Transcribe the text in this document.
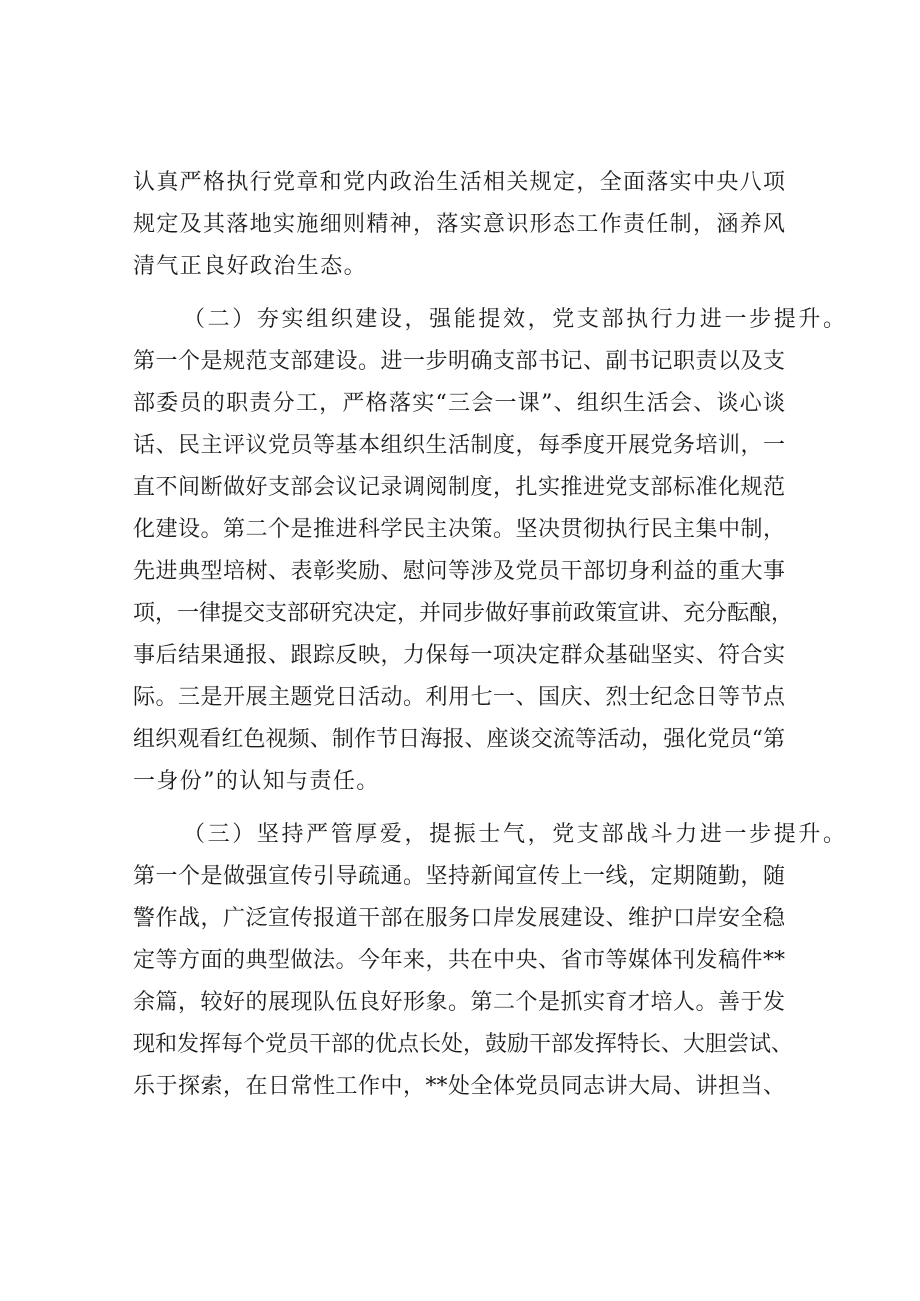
认真严格执行党章和党内政治生活相关规定，全面落实中央八项
规定及其落地实施细则精神，落实意识形态工作责任制，涵养风
清气正良好政治生态。
（二）夯实组织建设，强能提效，党支部执行力进一步提升。
第一个是规范支部建设。进一步明确支部书记、副书记职责以及支
部委员的职责分工，严格落实“三会一课”、组织生活会、谈心谈
话、民主评议党员等基本组织生活制度，每季度开展党务培训，一
直不间断做好支部会议记录调阅制度，扎实推进党支部标准化规范
化建设。第二个是推进科学民主决策。坚决贯彻执行民主集中制，
先进典型培树、表彰奖励、慰问等涉及党员干部切身利益的重大事
项，一律提交支部研究决定，并同步做好事前政策宣讲、充分酝酿，
事后结果通报、跟踪反映，力保每一项决定群众基础坚实、符合实
际。三是开展主题党日活动。利用七一、国庆、烈士纪念日等节点
组织观看红色视频、制作节日海报、座谈交流等活动，强化党员“第
一身份”的认知与责任。
（三）坚持严管厚爱，提振士气，党支部战斗力进一步提升。
第一个是做强宣传引导疏通。坚持新闻宣传上一线，定期随勤，随
警作战，广泛宣传报道干部在服务口岸发展建设、维护口岸安全稳
定等方面的典型做法。今年来，共在中央、省市等媒体刊发稿件**
余篇，较好的展现队伍良好形象。第二个是抓实育才培人。善于发
现和发挥每个党员干部的优点长处，鼓励干部发挥特长、大胆尝试、
乐于探索，在日常性工作中，**处全体党员同志讲大局、讲担当、
